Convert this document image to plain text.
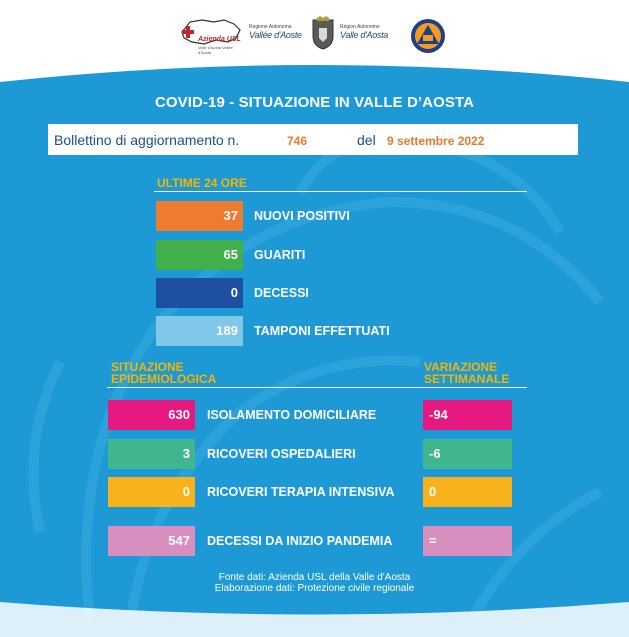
Azienda USL
Valle d'Aosta Vallée d'Aoste
Regione Autonoma
Vallée d'Aoste
Région Autonome
Valle d'Aosta
COVID-19 - SITUAZIONE IN VALLE D’AOSTA
Bollettino di aggiornamento n.	746	del 9 settembre 2022
ULTIME 24 ORE
37	NUOVI POSITIVI
65	GUARITI
0	DECESSI
189	TAMPONI EFFETTUATI
SITUAZIONE
EPIDEMIOLOGICA
VARIAZIONE
SETTIMANALE
630	ISOLAMENTO DOMICILIARE	-94
3	RICOVERI OSPEDALIERI	-6
0	RICOVERI TERAPIA INTENSIVA	0
547	DECESSI DA INIZIO PANDEMIA	=
Fonte dati: Azienda USL della Valle d'Aosta
Elaborazione dati: Protezione civile regionale
